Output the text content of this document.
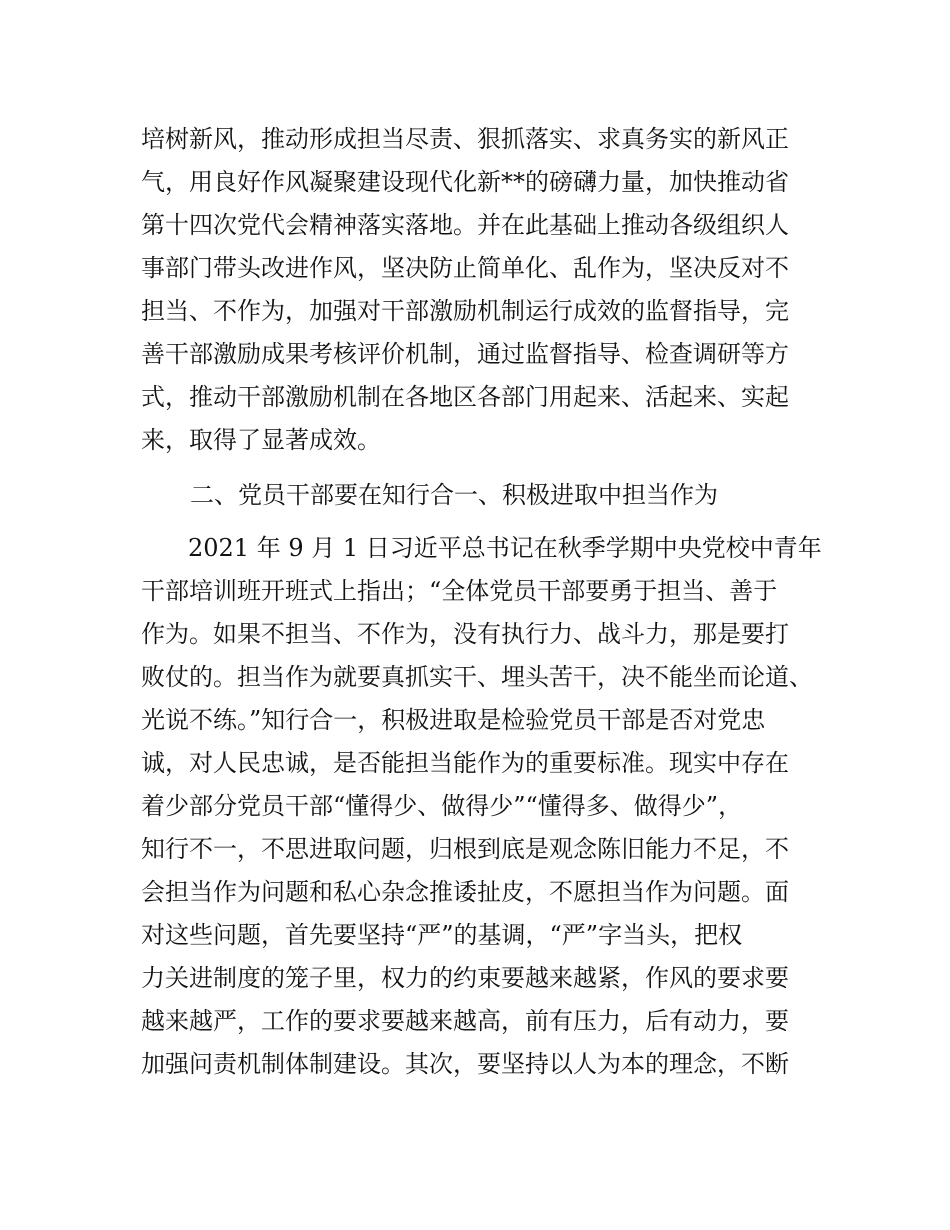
培树新风，推动形成担当尽责、狠抓落实、求真务实的新风正
气，用良好作风凝聚建设现代化新**的磅礴力量，加快推动省
第十四次党代会精神落实落地。并在此基础上推动各级组织人
事部门带头改进作风，坚决防止简单化、乱作为，坚决反对不
担当、不作为，加强对干部激励机制运行成效的监督指导，完
善干部激励成果考核评价机制，通过监督指导、检查调研等方
式，推动干部激励机制在各地区各部门用起来、活起来、实起
来，取得了显著成效。
二、党员干部要在知行合一、积极进取中担当作为
2021 年 9 月 1 日习近平总书记在秋季学期中央党校中青年
干部培训班开班式上指出；“全体党员干部要勇于担当、善于
作为。如果不担当、不作为，没有执行力、战斗力，那是要打
败仗的。担当作为就要真抓实干、埋头苦干，决不能坐而论道、
光说不练。”知行合一，积极进取是检验党员干部是否对党忠
诚，对人民忠诚，是否能担当能作为的重要标准。现实中存在
着少部分党员干部“懂得少、做得少”“懂得多、做得少”，
知行不一，不思进取问题，归根到底是观念陈旧能力不足，不
会担当作为问题和私心杂念推诿扯皮，不愿担当作为问题。面
对这些问题，首先要坚持“严”的基调，“严”字当头，把权
力关进制度的笼子里，权力的约束要越来越紧，作风的要求要
越来越严，工作的要求要越来越高，前有压力，后有动力，要
加强问责机制体制建设。其次，要坚持以人为本的理念，不断
